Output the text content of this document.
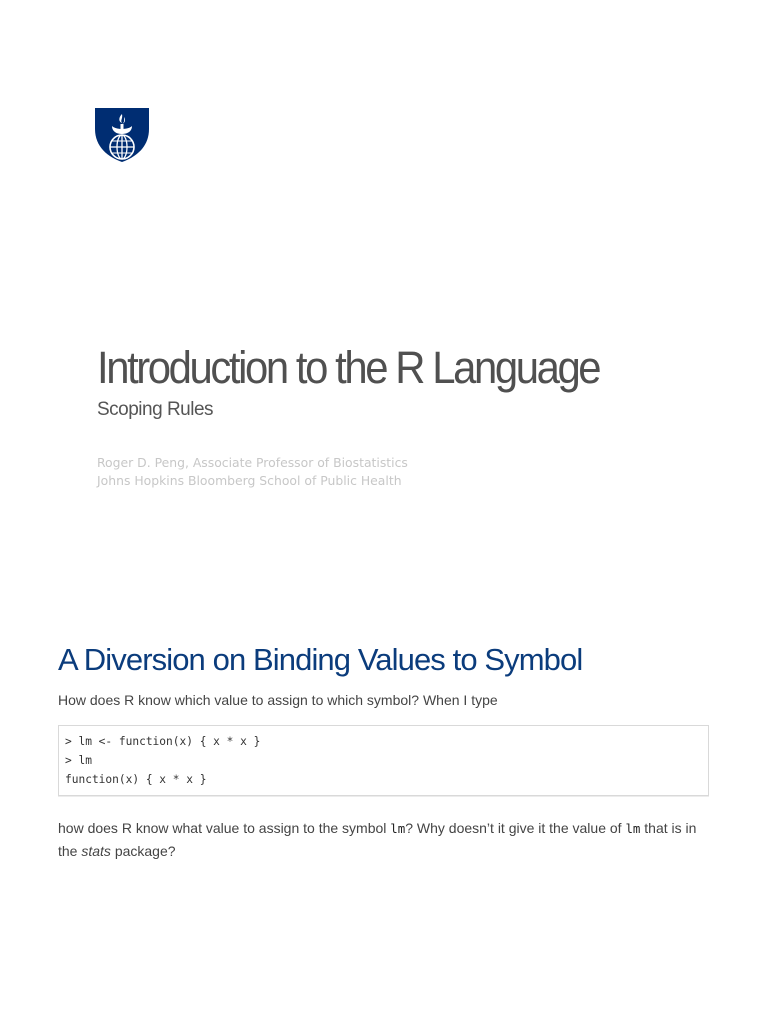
Introduction to the R Language

Scoping Rules

Roger D. Peng, Associate Professor of Biostatistics
Johns Hopkins Bloomberg School of Public Health
A Diversion on Binding Values to Symbol

How does R know which value to assign to which symbol? When I type

> lm <- function(x) { x * x }
> lm
function(x) { x * x }

how does R know what value to assign to the symbol lm? Why doesn’t it give it the value of lm that is in the stats package?
